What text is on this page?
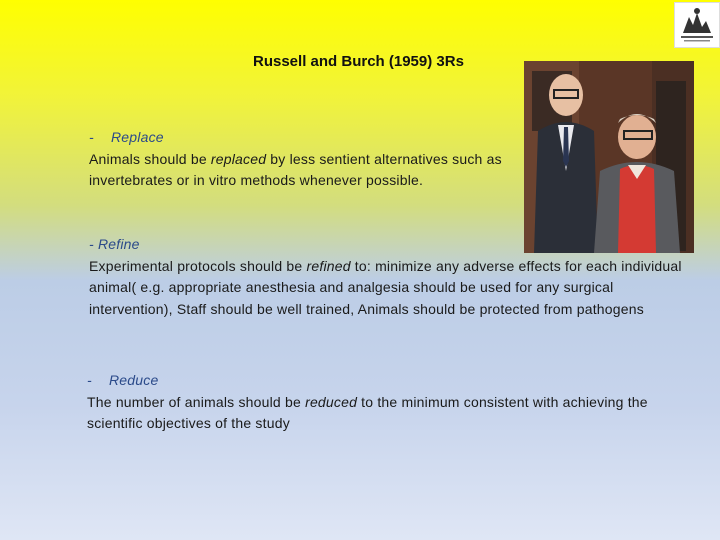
Russell and Burch (1959) 3Rs

- Replace

Animals should be replaced by less sentient alternatives such as invertebrates or in vitro methods whenever possible.

- Refine

Experimental protocols should be refined to: minimize any adverse effects for each individual animal( e.g. appropriate anesthesia and analgesia should be used for any surgical intervention), Staff should be well trained, Animals should be protected from pathogens

- Reduce

The number of animals should be reduced to the minimum consistent with achieving the scientific objectives of the study
